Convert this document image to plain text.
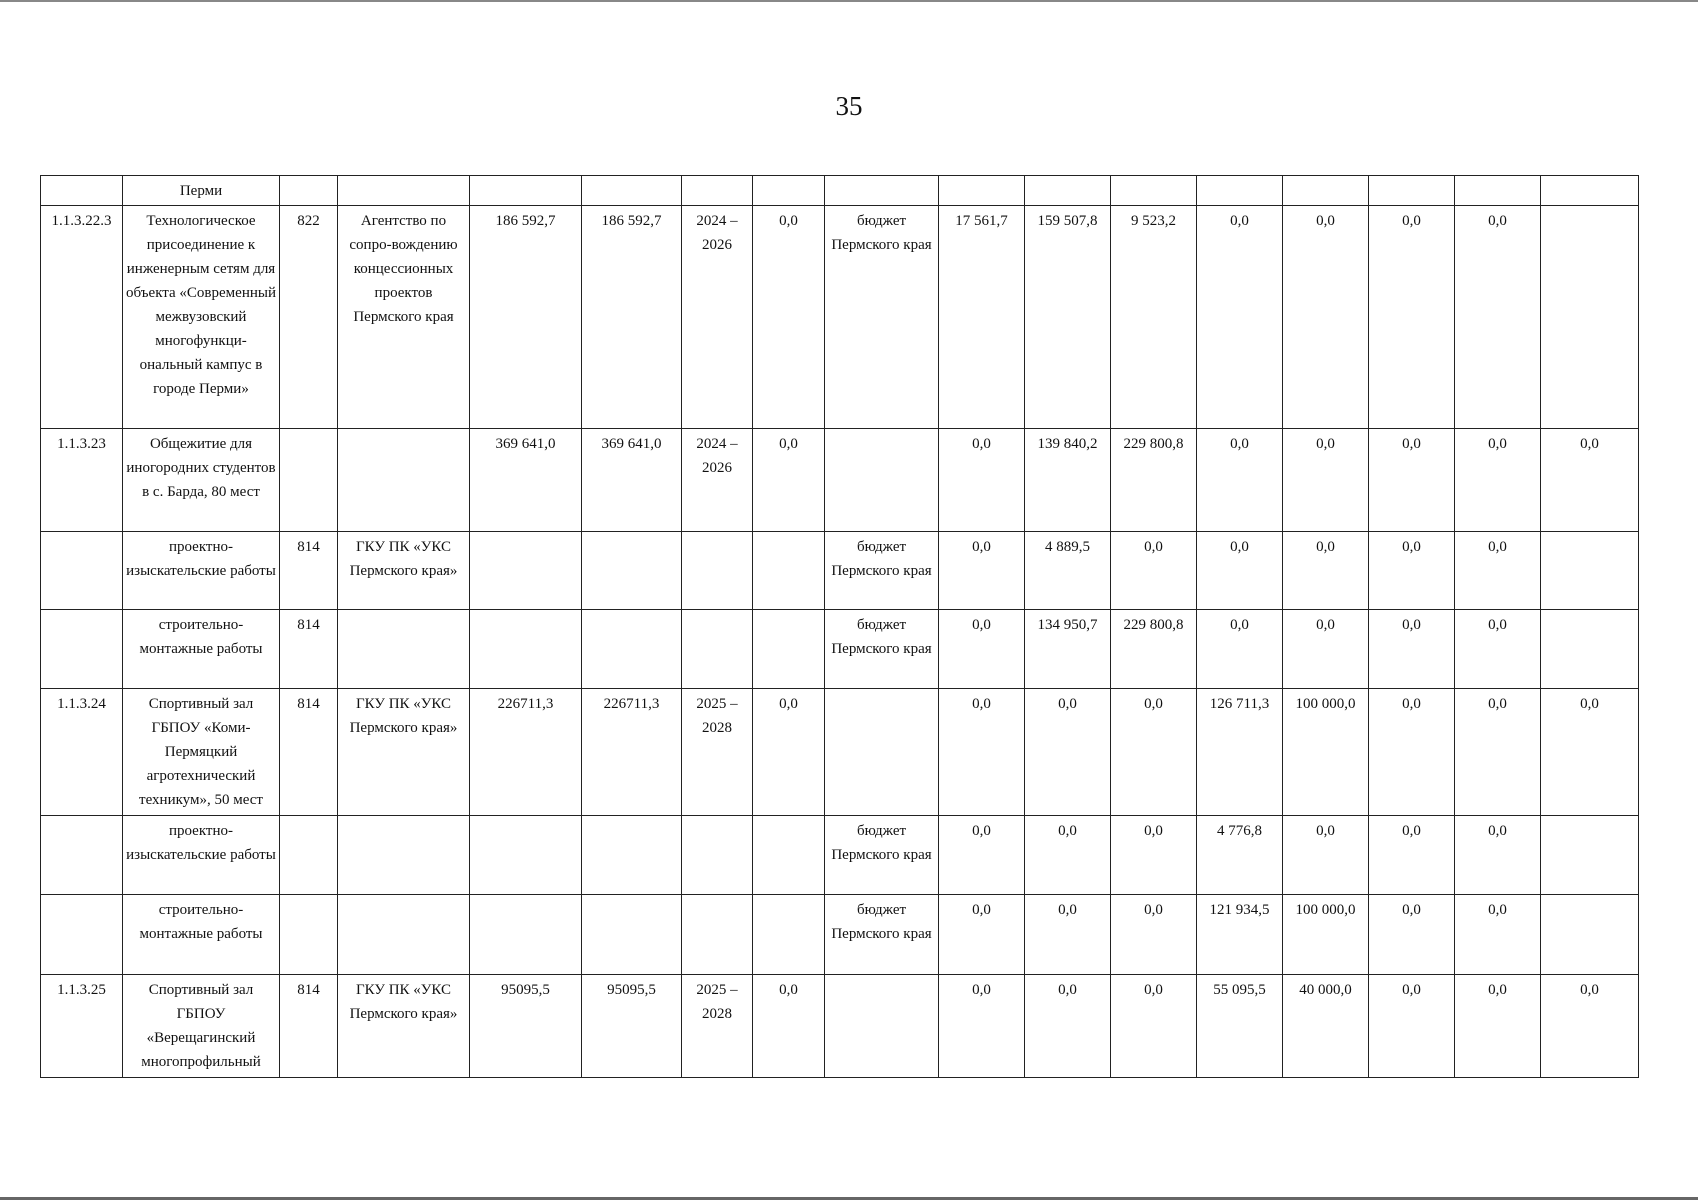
35
	Перми															
1.1.3.22.3	Технологическое присоединение к инженерным сетям для объекта «Современный межвузовский многофункци-ональный кампус в городе Перми»	822	Агентство по сопро-вождению концессионных проектов Пермского края	186 592,7	186 592,7	2024 – 2026	0,0	бюджет Пермского края	17 561,7	159 507,8	9 523,2	0,0	0,0	0,0	0,0	
1.1.3.23	Общежитие для иногородних студентов в с. Барда, 80 мест			369 641,0	369 641,0	2024 – 2026	0,0		0,0	139 840,2	229 800,8	0,0	0,0	0,0	0,0	0,0
	проектно-изыскательские работы	814	ГКУ ПК «УКС Пермского края»					бюджет Пермского края	0,0	4 889,5	0,0	0,0	0,0	0,0	0,0	
	строительно-монтажные работы	814						бюджет Пермского края	0,0	134 950,7	229 800,8	0,0	0,0	0,0	0,0	
1.1.3.24	Спортивный зал ГБПОУ «Коми-Пермяцкий агротехнический техникум», 50 мест	814	ГКУ ПК «УКС Пермского края»	226711,3	226711,3	2025 – 2028	0,0		0,0	0,0	0,0	126 711,3	100 000,0	0,0	0,0	0,0
	проектно-изыскательские работы							бюджет Пермского края	0,0	0,0	0,0	4 776,8	0,0	0,0	0,0	
	строительно-монтажные работы							бюджет Пермского края	0,0	0,0	0,0	121 934,5	100 000,0	0,0	0,0	
1.1.3.25	Спортивный зал ГБПОУ «Верещагинский многопрофильный	814	ГКУ ПК «УКС Пермского края»	95095,5	95095,5	2025 – 2028	0,0		0,0	0,0	0,0	55 095,5	40 000,0	0,0	0,0	0,0
